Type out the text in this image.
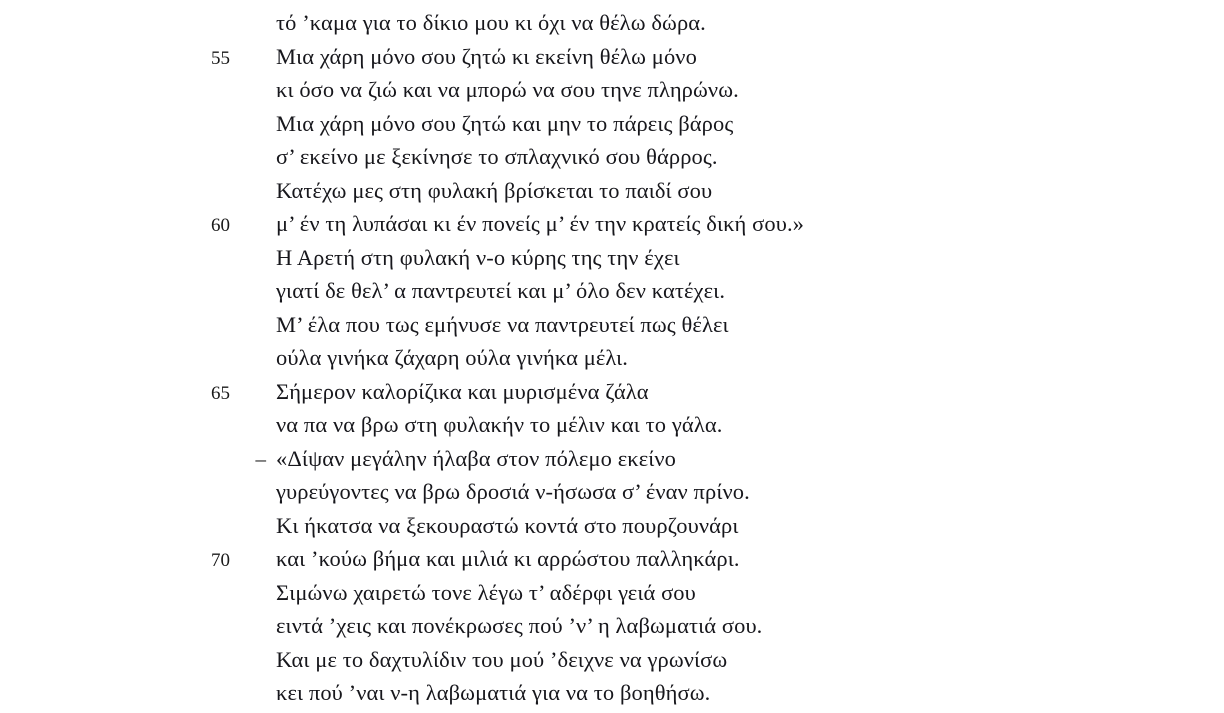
τό ’καμα για το δίκιο μου κι όχι να θέλω δώρα.
55 Μια χάρη μόνο σου ζητώ κι εκείνη θέλω μόνο
κι όσο να ζιώ και να μπορώ να σου τηνε πληρώνω.
Μια χάρη μόνο σου ζητώ και μην το πάρεις βάρος
σ’ εκείνο με ξεκίνησε το σπλαχνικό σου θάρρος.
Κατέχω μες στη φυλακή βρίσκεται το παιδί σου
60 μ’ έν τη λυπάσαι κι έν πονείς μ’ έν την κρατείς δική σου.»
Η Αρετή στη φυλακή ν-ο κύρης της την έχει
γιατί δε θελ’ α παντρευτεί και μ’ όλο δεν κατέχει.
Μ’ έλα που τως εμήνυσε να παντρευτεί πως θέλει
ούλα γινήκα ζάχαρη ούλα γινήκα μέλι.
65 Σήμερον καλορίζικα και μυρισμένα ζάλα
να πα να βρω στη φυλακήν το μέλιν και το γάλα.
– «Δίψαν μεγάλην ήλαβα στον πόλεμο εκείνο
γυρεύγοντες να βρω δροσιά ν-ήσωσα σ’ έναν πρίνο.
Κι ήκατσα να ξεκουραστώ κοντά στο πουρζουνάρι
70 και ’κούω βήμα και μιλιά κι αρρώστου παλληκάρι.
Σιμώνω χαιρετώ τονε λέγω τ’ αδέρφι γειά σου
ειντά ’χεις και πονέκρωσες πού ’ν’ η λαβωματιά σου.
Και με το δαχτυλίδιν του μού ’δειχνε να γρωνίσω
κει πού ’ναι ν-η λαβωματιά για να το βοηθήσω.
